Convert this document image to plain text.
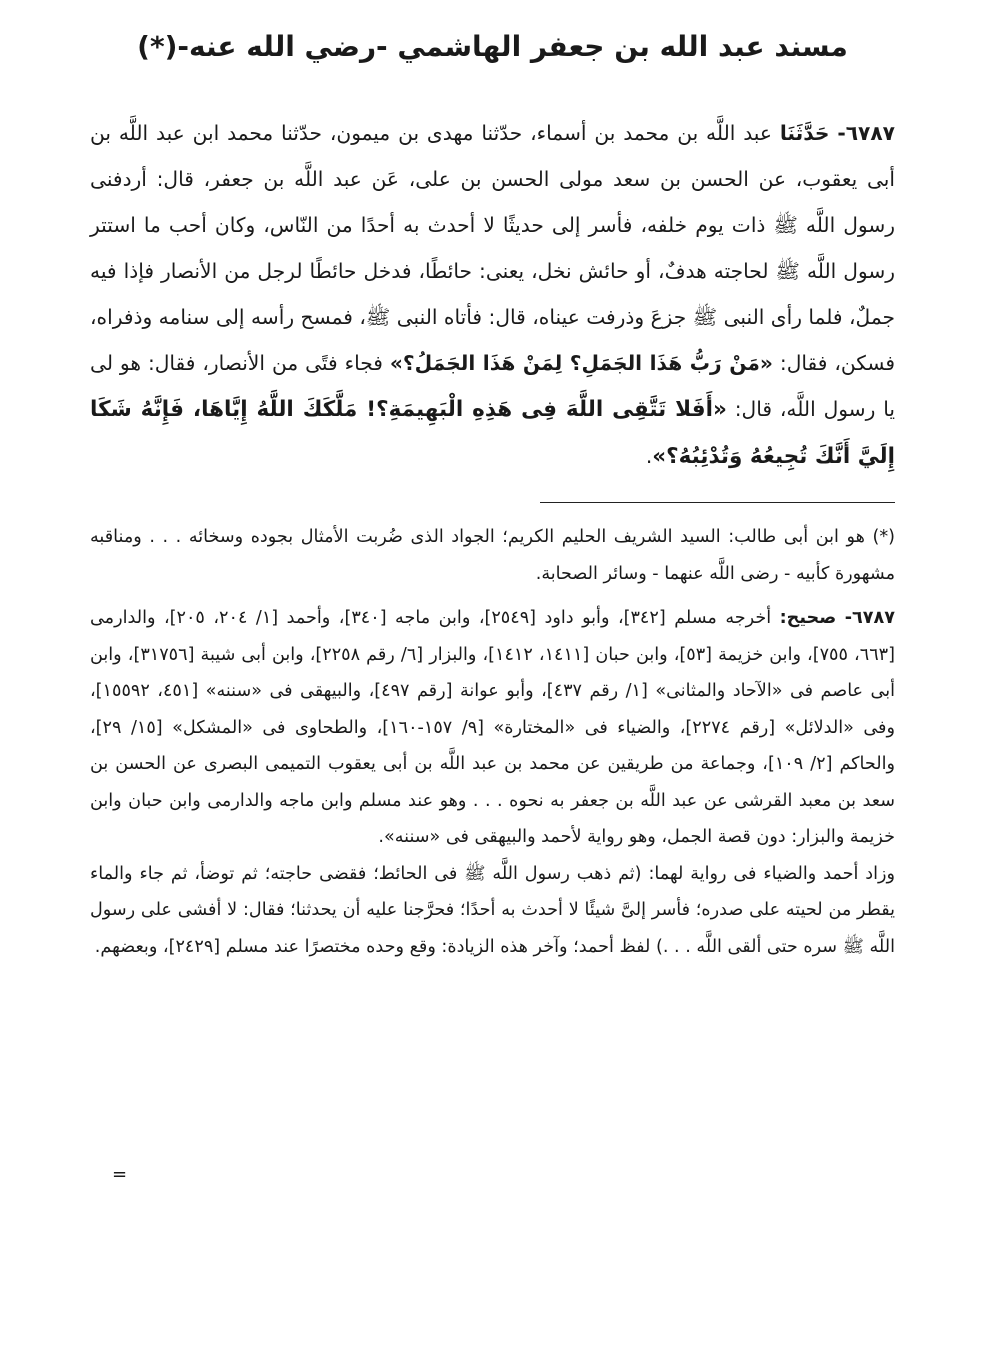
مسند عبد الله بن جعفر الهاشمي -رضي الله عنه-(*)

٦٧٨٧- حَدَّثَنَا عبد اللَّه بن محمد بن أسماء، حدّثنا مهدى بن ميمون، حدّثنا محمد ابن عبد اللَّه بن أبى يعقوب، عن الحسن بن سعد مولى الحسن بن على، عَن عبد اللَّه بن جعفر، قال: أردفنى رسول اللَّه ﷺ ذات يوم خلفه، فأسر إلى حديثًا لا أحدث به أحدًا من النّاس، وكان أحب ما استتر رسول اللَّه ﷺ لحاجته هدفٌ، أو حائش نخل، يعنى: حائطًا، فدخل حائطًا لرجل من الأنصار فإذا فيه جملٌ، فلما رأى النبى ﷺ جزعَ وذرفت عيناه، قال: فأتاه النبى ﷺ، فمسح رأسه إلى سنامه وذفراه، فسكن، فقال: «مَنْ رَبُّ هَذَا الجَمَلِ؟ لِمَنْ هَذَا الجَمَلُ؟» فجاء فتًى من الأنصار، فقال: هو لى يا رسول اللَّه، قال: «أَفَلا تَتَّقِى اللَّهَ فِى هَذِهِ الْبَهِيمَةِ؟! مَلَّكَكَ اللَّهُ إِيَّاهَا، فَإِنَّهُ شَكَا إِلَيَّ أَنَّكَ تُجِيعُهُ وَتُدْئِبُهُ؟».

(*) هو ابن أبى طالب: السيد الشريف الحليم الكريم؛ الجواد الذى ضُربت الأمثال بجوده وسخائه . . . ومناقبه مشهورة كأبيه - رضى اللَّه عنهما - وسائر الصحابة.

٦٧٨٧- صحيح: أخرجه مسلم [٣٤٢]، وأبو داود [٢٥٤٩]، وابن ماجه [٣٤٠]، وأحمد [١/ ٢٠٤، ٢٠٥]، والدارمى [٦٦٣، ٧٥٥]، وابن خزيمة [٥٣]، وابن حبان [١٤١١، ١٤١٢]، والبزار [٦/ رقم ٢٢٥٨]، وابن أبى شيبة [٣١٧٥٦]، وابن أبى عاصم فى «الآحاد والمثانى» [١/ رقم ٤٣٧]، وأبو عوانة [رقم ٤٩٧]، والبيهقى فى «سننه» [٤٥١، ١٥٥٩٢]، وفى «الدلائل» [رقم ٢٢٧٤]، والضياء فى «المختارة» [٩/ ١٥٧-١٦٠]، والطحاوى فى «المشكل» [١٥/ ٢٩]، والحاكم [٢/ ١٠٩]، وجماعة من طريقين عن محمد بن عبد اللَّه بن أبى يعقوب التميمى البصرى عن الحسن بن سعد بن معبد القرشى عن عبد اللَّه بن جعفر به نحوه . . . وهو عند مسلم وابن ماجه والدارمى وابن حبان وابن خزيمة والبزار: دون قصة الجمل، وهو رواية لأحمد والبيهقى فى «سننه».

وزاد أحمد والضياء فى رواية لهما: (ثم ذهب رسول اللَّه ﷺ فى الحائط؛ فقضى حاجته؛ ثم توضأ، ثم جاء والماء يقطر من لحيته على صدره؛ فأسر إلىَّ شيئًا لا أحدث به أحدًا؛ فحرَّجنا عليه أن يحدثنا؛ فقال: لا أفشى على رسول اللَّه ﷺ سره حتى ألقى اللَّه . . .) لفظ أحمد؛ وآخر هذه الزيادة: وقع وحده مختصرًا عند مسلم [٢٤٢٩]، وبعضهم.

=
